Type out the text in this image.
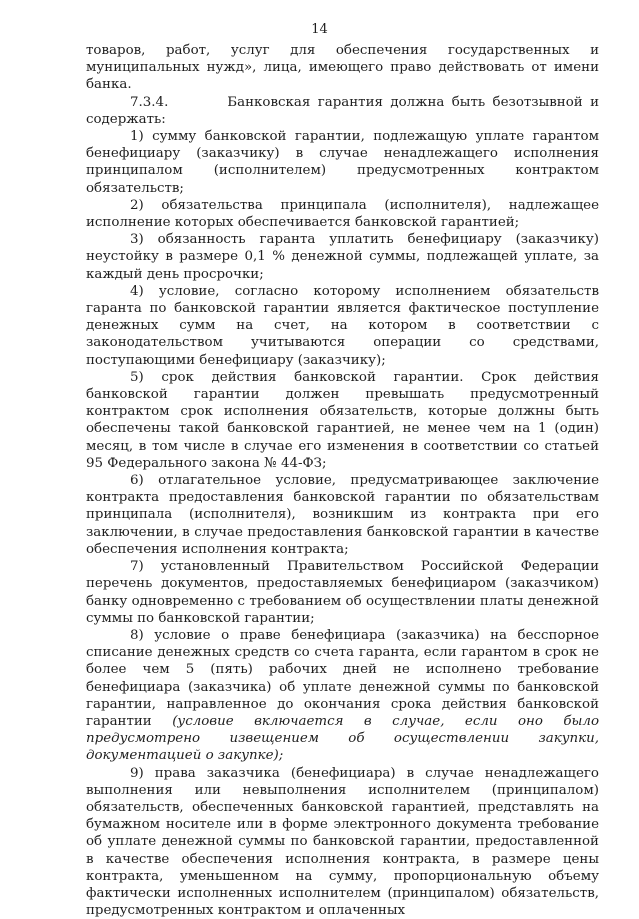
14

товаров, работ, услуг для обеспечения государственных и муниципальных нужд», лица, имеющего право действовать от имени банка.

7.3.4.        Банковская гарантия должна быть безотзывной и содержать:

1) сумму банковской гарантии, подлежащую уплате гарантом бенефициару (заказчику) в случае ненадлежащего исполнения принципалом (исполнителем) предусмотренных контрактом обязательств;

2) обязательства принципала (исполнителя), надлежащее исполнение которых обеспечивается банковской гарантией;

3) обязанность гаранта уплатить бенефициару (заказчику) неустойку в размере 0,1 % денежной суммы, подлежащей уплате, за каждый день просрочки;

4) условие, согласно которому исполнением обязательств гаранта по банковской гарантии является фактическое поступление денежных сумм на счет, на котором в соответствии с законодательством учитываются операции со средствами, поступающими бенефициару (заказчику);

5) срок действия банковской гарантии. Срок действия банковской гарантии должен превышать предусмотренный контрактом срок исполнения обязательств, которые должны быть обеспечены такой банковской гарантией, не менее чем на 1 (один) месяц, в том числе в случае его изменения в соответствии со статьей 95 Федерального закона № 44-ФЗ;

6) отлагательное условие, предусматривающее заключение контракта предоставления банковской гарантии по обязательствам принципала (исполнителя), возникшим из контракта при его заключении, в случае предоставления банковской гарантии в качестве обеспечения исполнения контракта;

7) установленный Правительством Российской Федерации перечень документов, предоставляемых бенефициаром (заказчиком) банку одновременно с требованием об осуществлении платы денежной суммы по банковской гарантии;

8) условие о праве бенефициара (заказчика) на бесспорное списание денежных средств со счета гаранта, если гарантом в срок не более чем 5 (пять) рабочих дней не исполнено требование бенефициара (заказчика) об уплате денежной суммы по банковской гарантии, направленное до окончания срока действия банковской гарантии (условие включается в случае, если оно было предусмотрено извещением об осуществлении закупки, документацией о закупке);

9) права заказчика (бенефициара) в случае ненадлежащего выполнения или невыполнения исполнителем (принципалом) обязательств, обеспеченных банковской гарантией, представлять на бумажном носителе или в форме электронного документа требование об уплате денежной суммы по банковской гарантии, предоставленной в качестве обеспечения исполнения контракта, в размере цены контракта, уменьшенном на сумму, пропорциональную объему фактически исполненных исполнителем (принципалом) обязательств, предусмотренных контрактом и оплаченных
